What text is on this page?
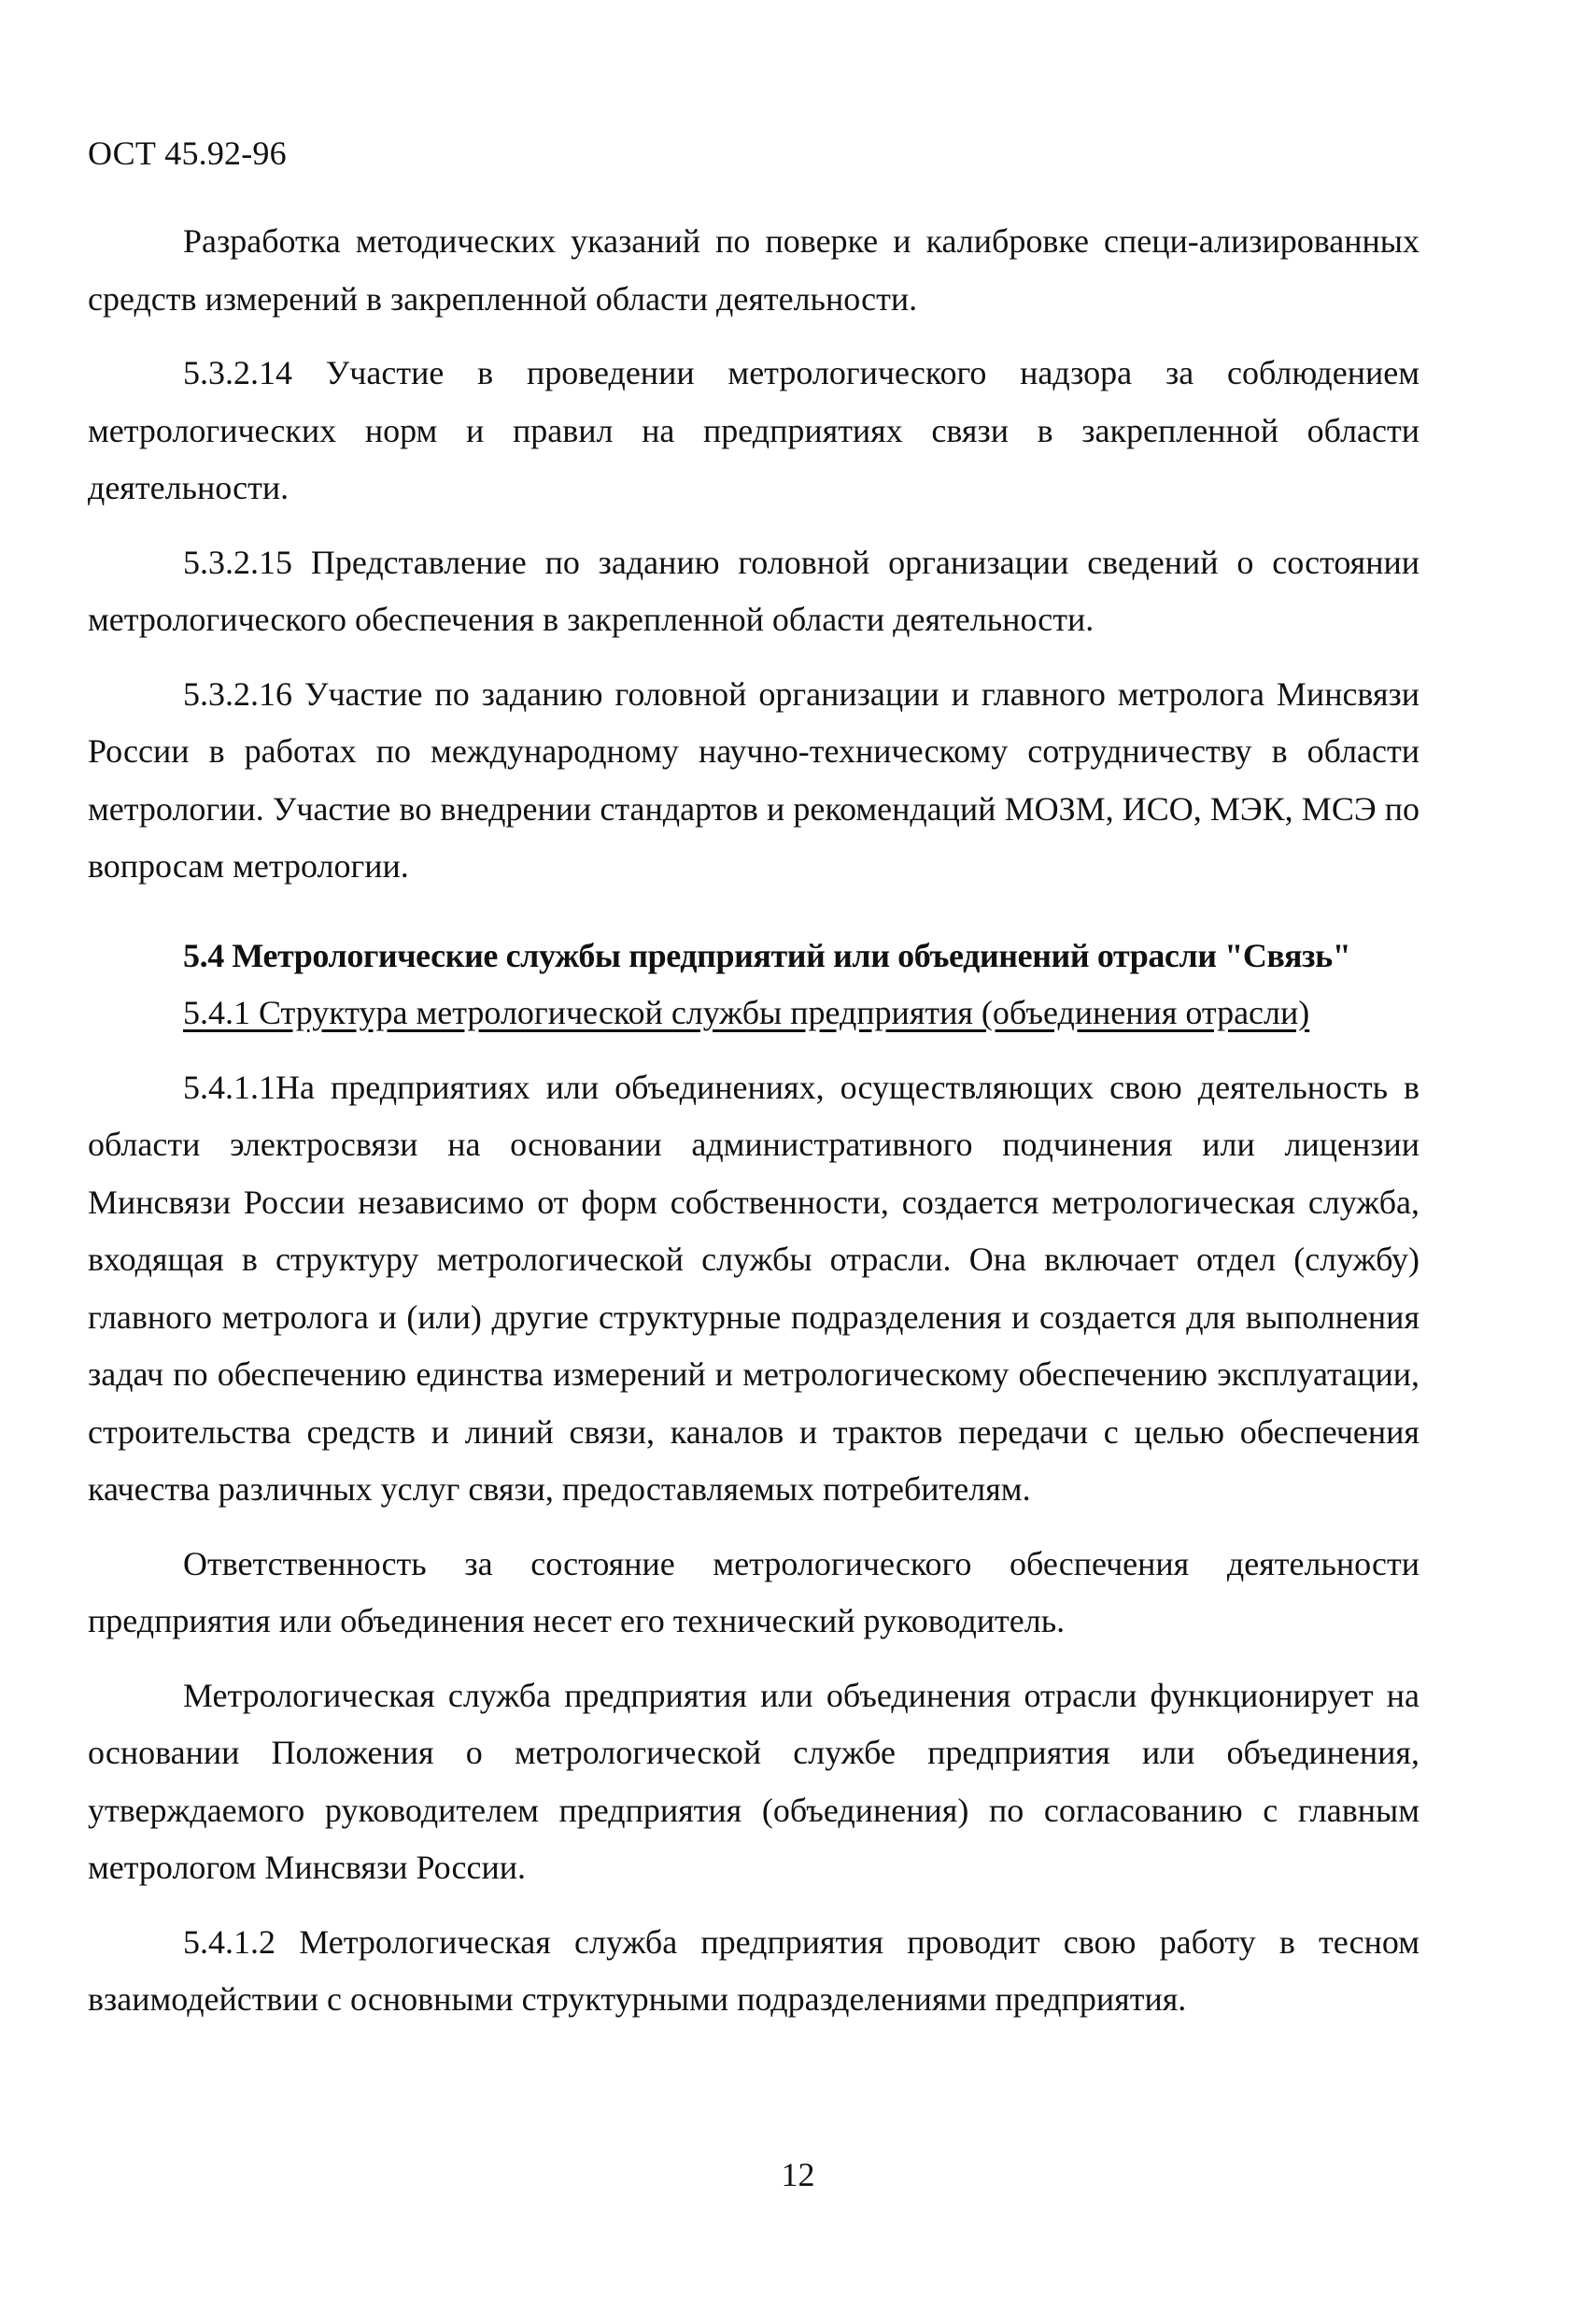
ОСТ 45.92-96

Разработка методических указаний по поверке и калибровке специ-ализированных средств измерений в закрепленной области деятельности.

5.3.2.14 Участие в проведении метрологического надзора за соблюдением метрологических норм и правил на предприятиях связи в закрепленной области деятельности.

5.3.2.15 Представление по заданию головной организации сведений о состоянии метрологического обеспечения в закрепленной области деятельности.

5.3.2.16 Участие по заданию головной организации и главного метролога Минсвязи России в работах по международному научно-техническому сотрудничеству в области метрологии. Участие во внедрении стандартов и рекомендаций МОЗМ, ИСО, МЭК, МСЭ по вопросам метрологии.

5.4 Метрологические службы предприятий или объединений отрасли "Связь"

5.4.1 Структура метрологической службы предприятия (объединения отрасли)

5.4.1.1На предприятиях или объединениях, осуществляющих свою деятельность в области электросвязи на основании административного подчинения или лицензии Минсвязи России независимо от форм собственности, создается метрологическая служба, входящая в структуру метрологической службы отрасли. Она включает отдел (службу) главного метролога и (или) другие структурные подразделения и создается для выполнения задач по обеспечению единства измерений и метрологическому обеспечению эксплуатации, строительства средств и линий связи, каналов и трактов передачи с целью обеспечения качества различных услуг связи, предоставляемых потребителям.

Ответственность за состояние метрологического обеспечения деятельности предприятия или объединения несет его технический руководитель.

Метрологическая служба предприятия или объединения отрасли функционирует на основании Положения о метрологической службе предприятия или объединения, утверждаемого руководителем предприятия (объединения) по согласованию с главным метрологом Минсвязи России.

5.4.1.2 Метрологическая служба предприятия проводит свою работу в тесном взаимодействии с основными структурными подразделениями предприятия.

12
